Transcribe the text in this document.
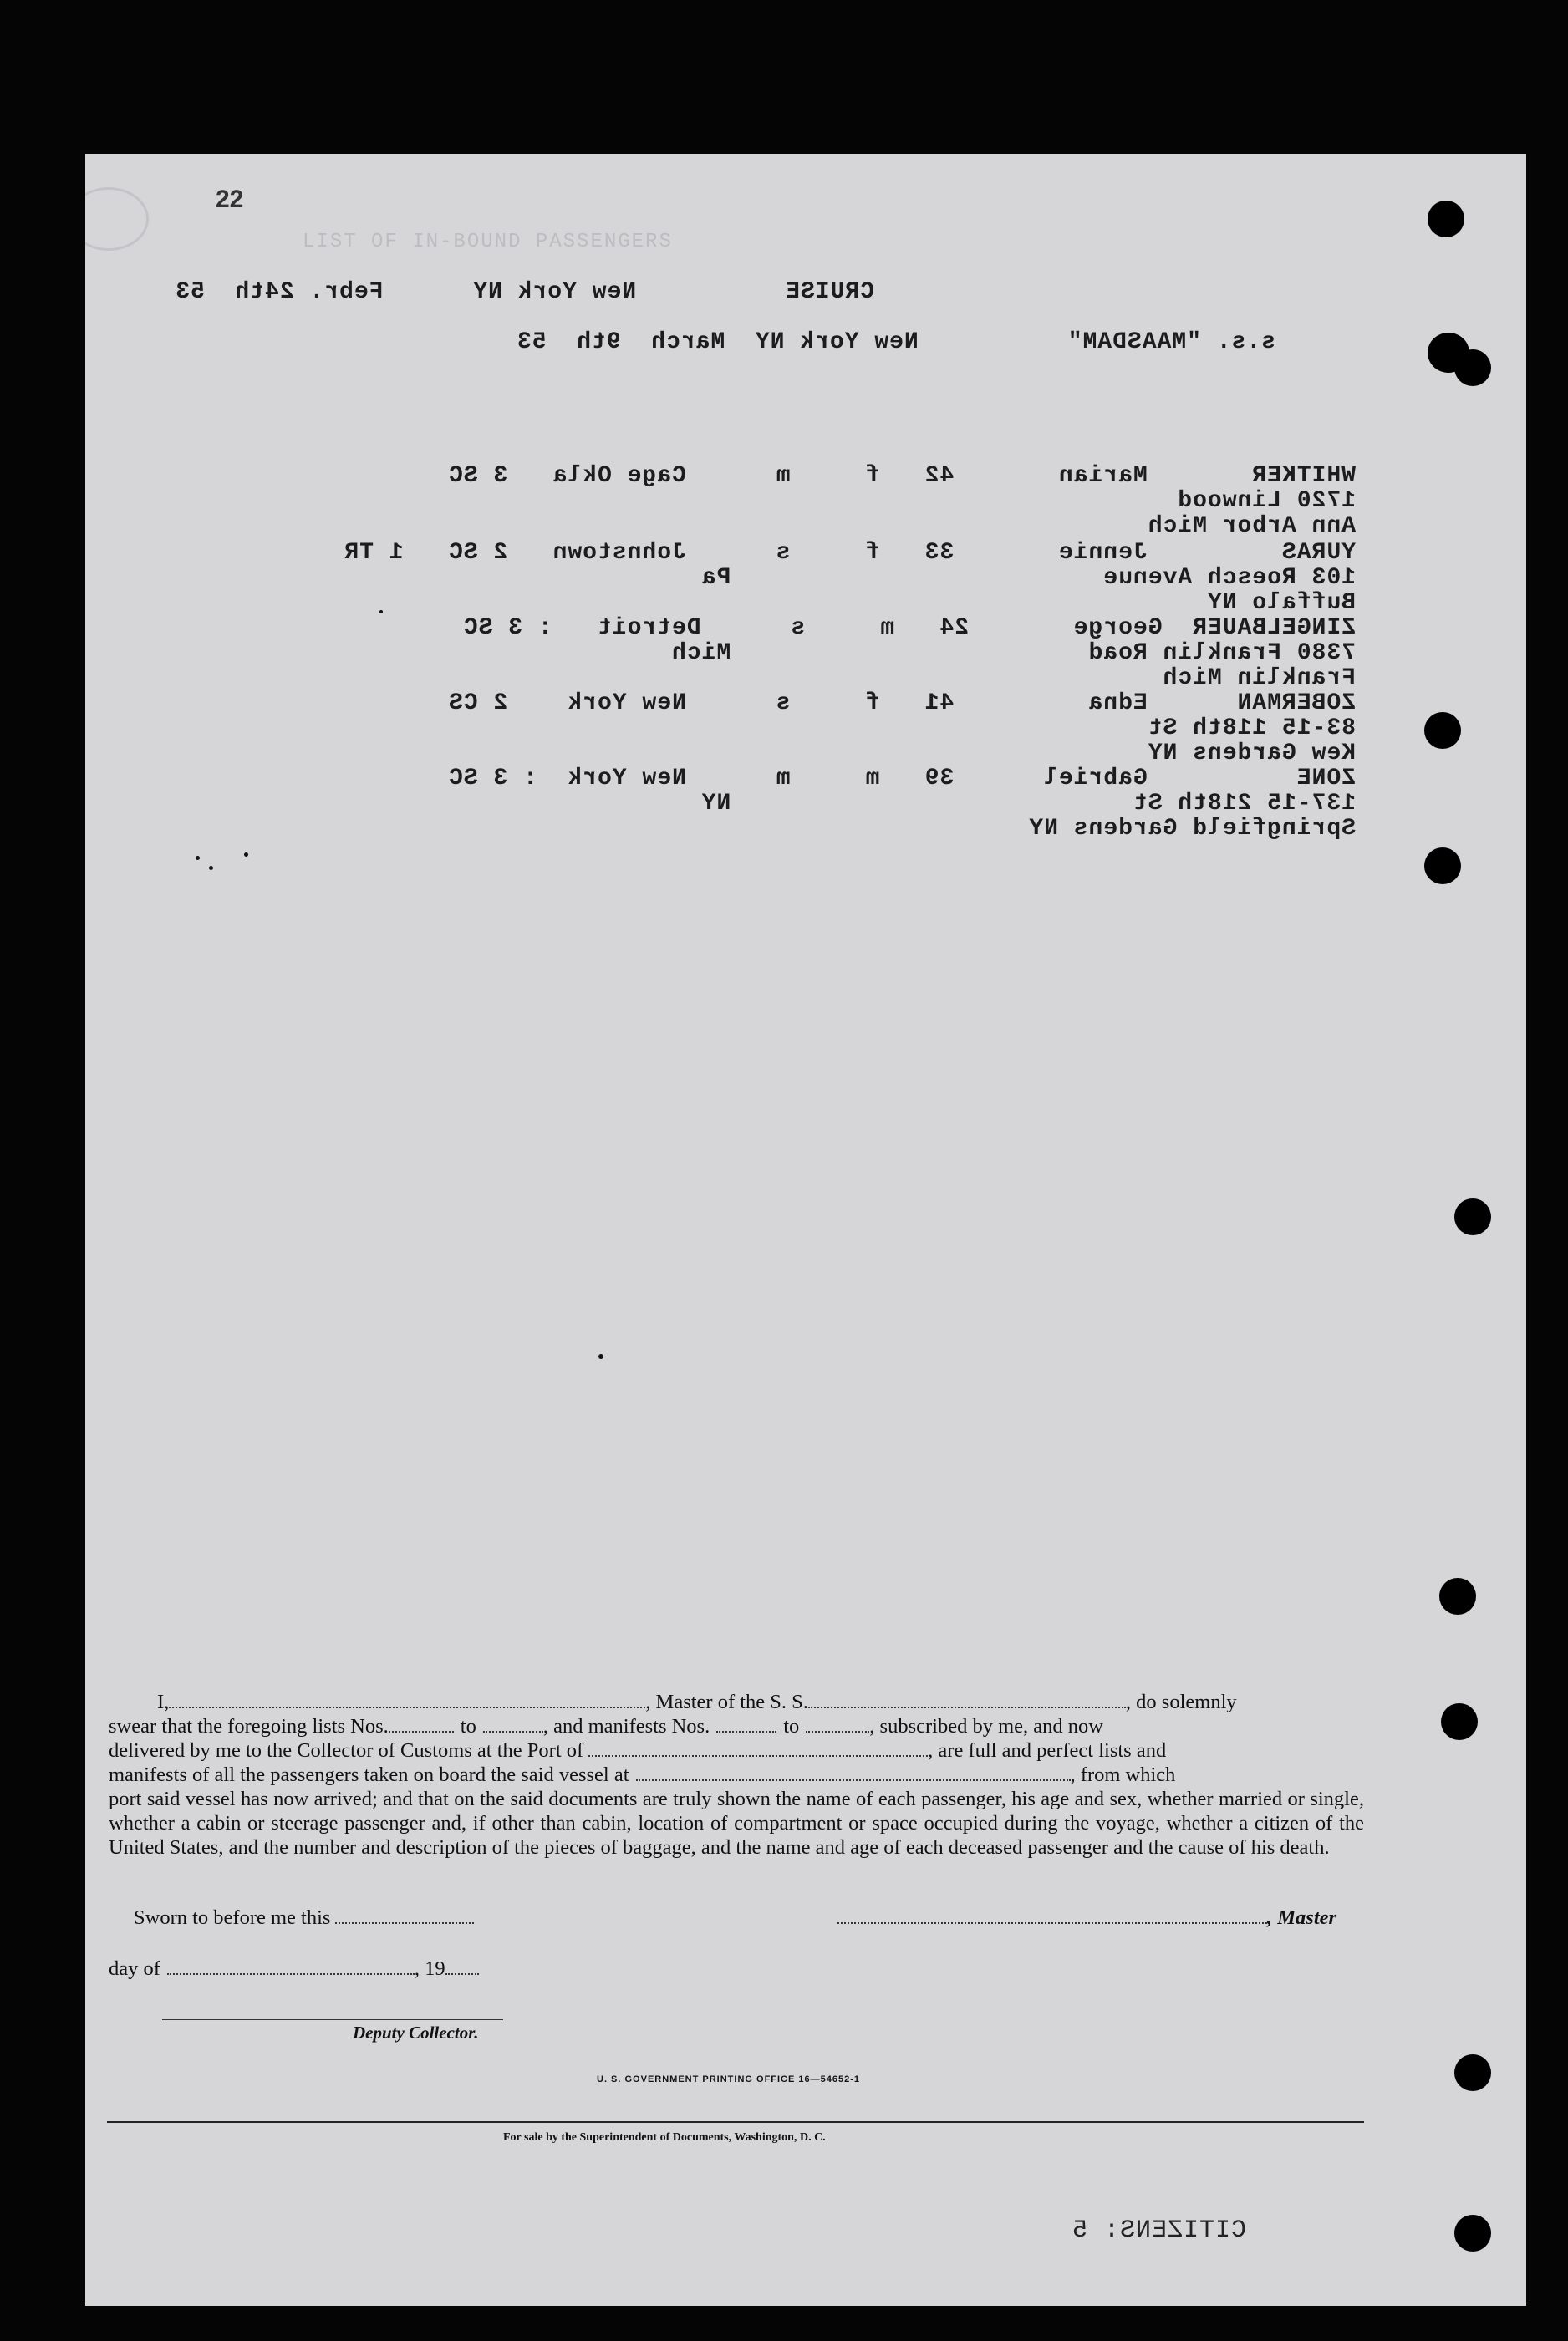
LIST OF IN-BOUND PASSENGERS
22
CRUISE          New York NY      Febr. 24th  53
s.s. "MAASDAM"          New York NY  March  9th  53
WHITKER       Marian       42   f     m      Cage Okla   3 SC
1720 Linwood
Ann Arbor Mich
YURAS         Jennie       33   f     s      Johnstown   2 SC   1 TR
103 Roesch Avenue                         Pa
Buffalo NY
ZINGELBAUER  George       24   m     s      Detroit   : 3 SC
7380 Franklin Road                        Mich
Franklin Mich
ZOBERMAN      Edna         41   f     s      New York    2 CS
83-15 118th St
Kew Gardens NY
ZONE          Gabriel      39   m     m      New York  : 3 SC
137-15 218th St                           NY
Springfield Gardens NY
I,	, Master of the S. S.	, do solemnly
swear that the foregoing lists Nos.	to	, and manifests Nos.	to	, subscribed by me, and now
delivered by me to the Collector of Customs at the Port of	, are full and perfect lists and
manifests of all the passengers taken on board the said vessel at	, from which
port said vessel has now arrived; and that on the said documents are truly shown the name of each passenger, his age and sex, whether married or single, whether a cabin or steerage passenger and, if other than cabin, location of compartment or space occupied during the voyage, whether a citizen of the United States, and the number and description of the pieces of baggage, and the name and age of each deceased passenger and the cause of his death.
Sworn to before me this	, Master
day of	, 19
Deputy Collector.
U. S. GOVERNMENT PRINTING OFFICE 16—54652-1
For sale by the Superintendent of Documents, Washington, D. C.
CITIZENS: 5
